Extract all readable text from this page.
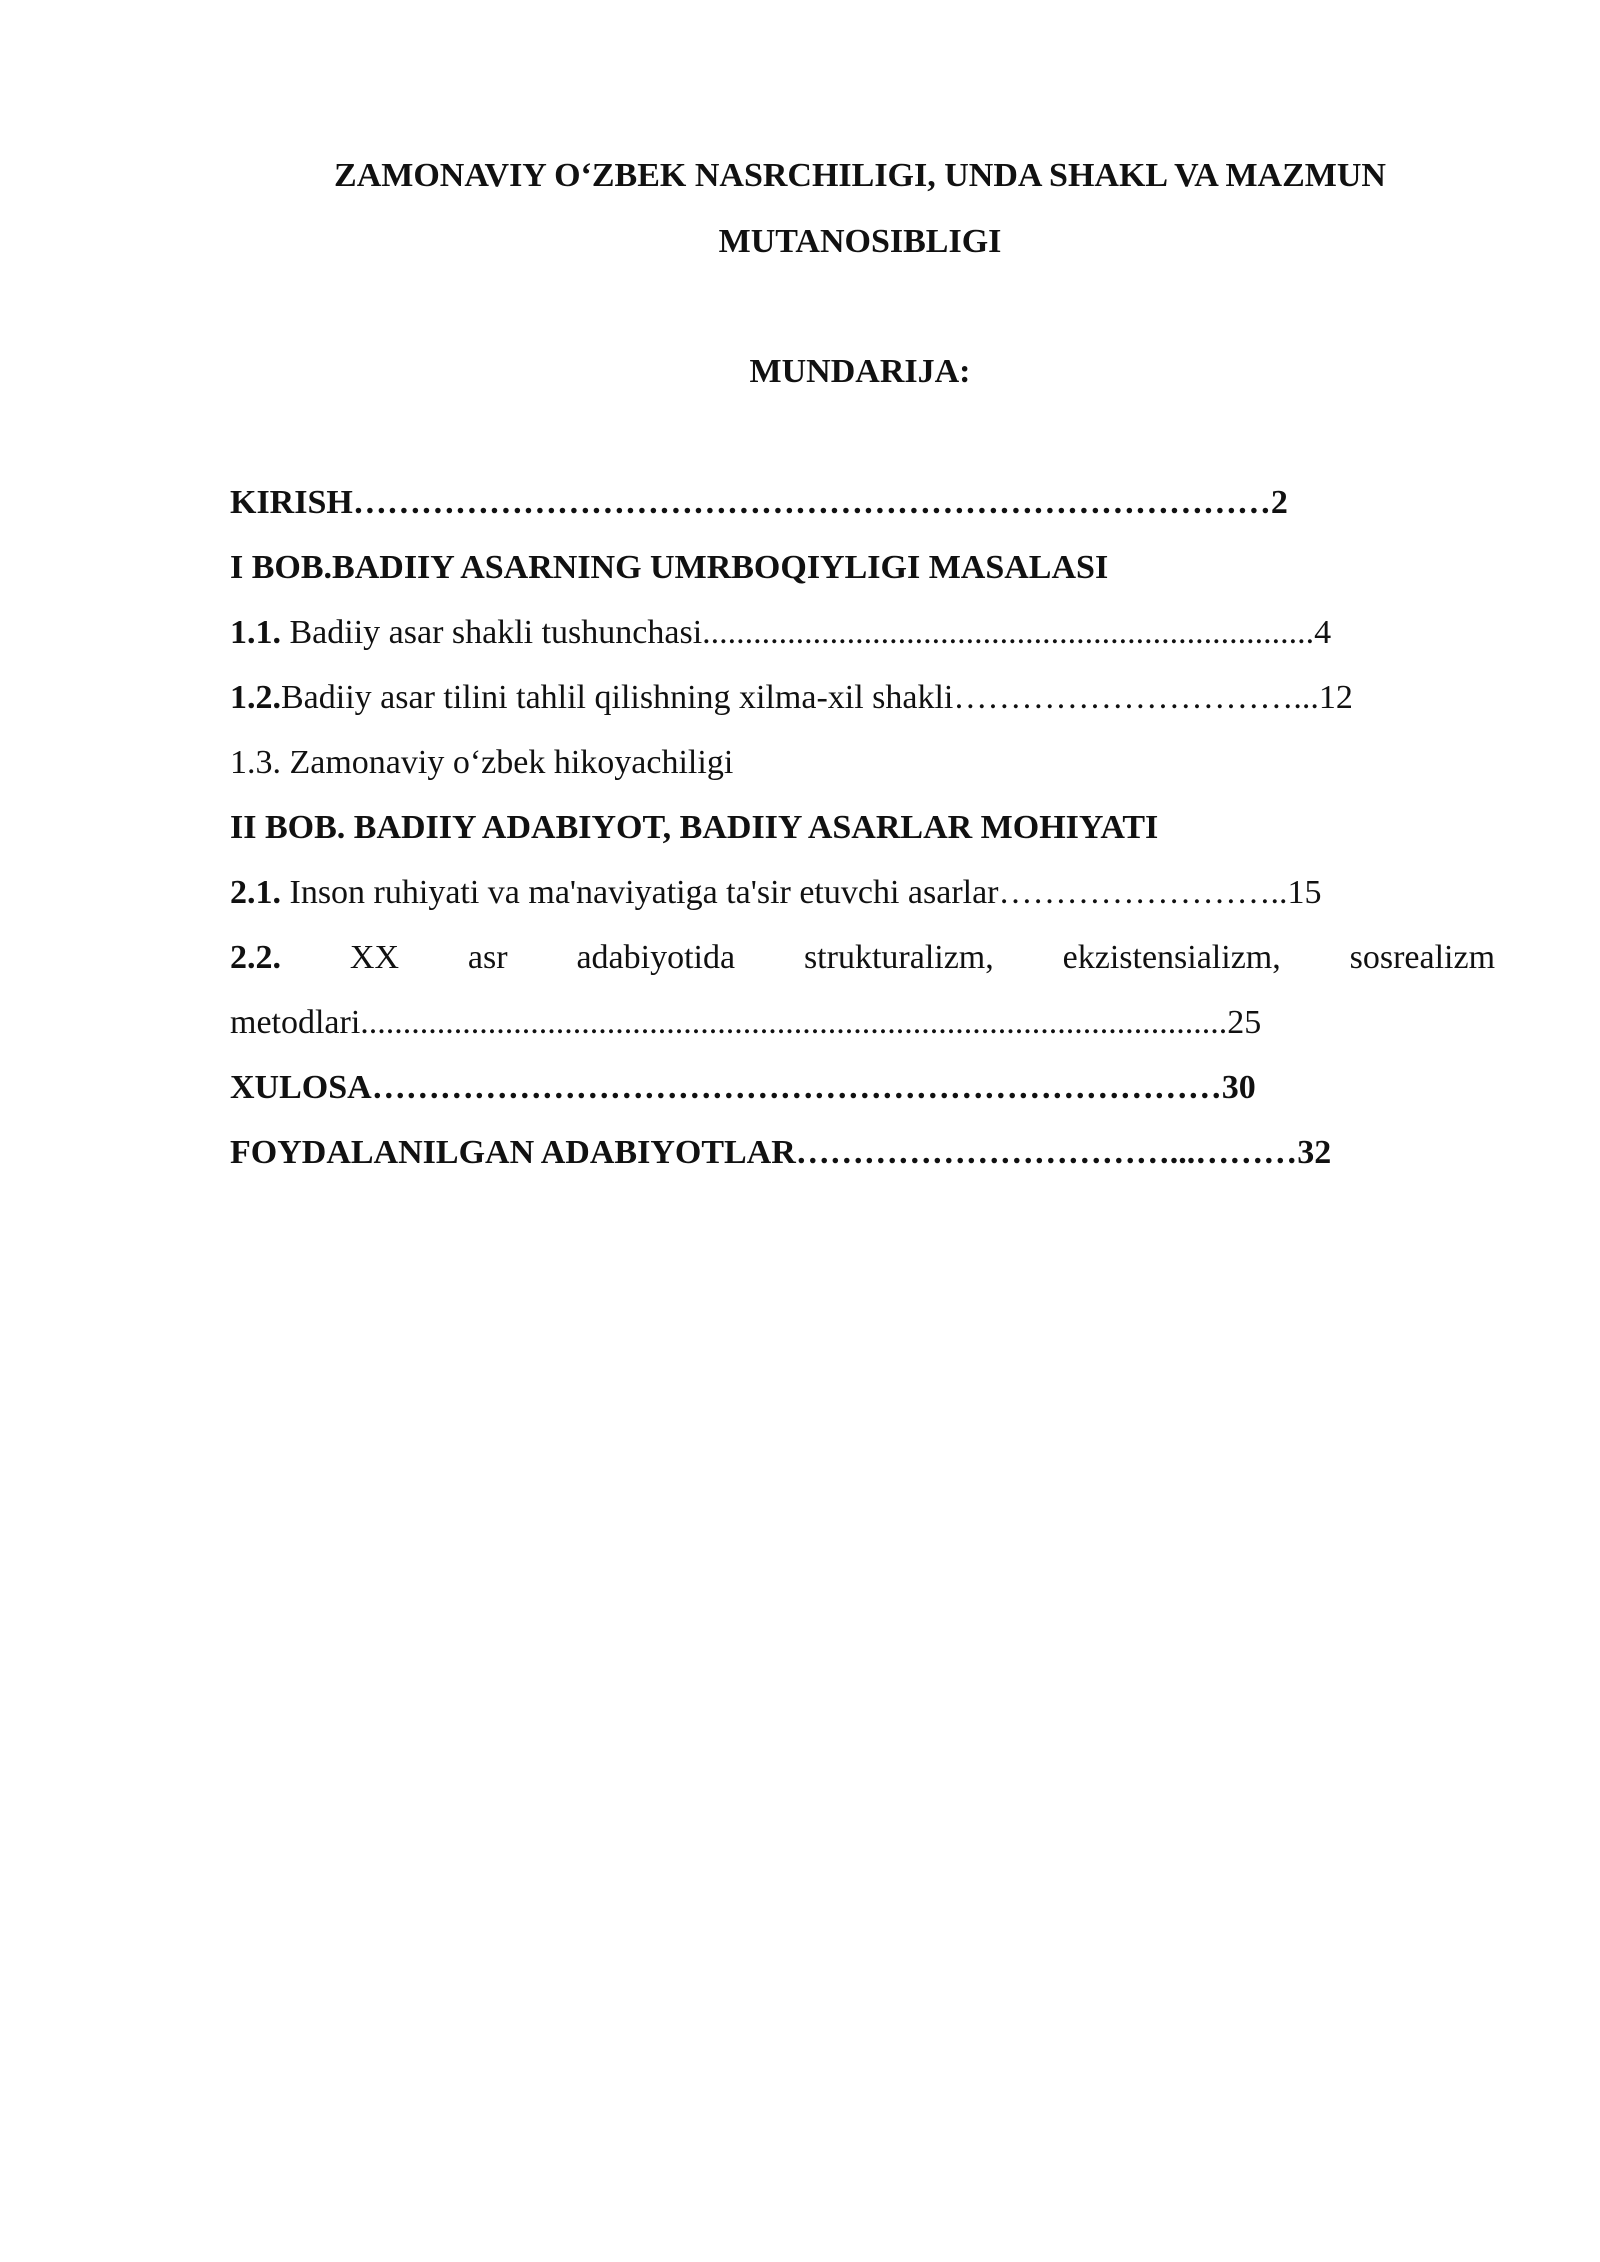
ZAMONAVIY O‘ZBEK NASRCHILIGI, UNDA SHAKL VA MAZMUN
MUTANOSIBLIGI
MUNDARIJA:
KIRISH………………………………………………………………………2
I BOB.BADIIY ASARNING UMRBOQIYLIGI MASALASI
1.1. Badiiy asar shakli tushunchasi........................................................................4
1.2.Badiiy asar tilini tahlil qilishning xilma-xil shakli…………………………...12
1.3. Zamonaviy o‘zbek hikoyachiligi
II BOB. BADIIY ADABIYOT, BADIIY ASARLAR MOHIYATI
2.1. Inson ruhiyati va ma'naviyatiga ta'sir etuvchi asarlar……………………..15
2.2. XX asr adabiyotida strukturalizm, ekzistensializm, sosrealizm
metodlari......................................................................................................25
XULOSA…………………………………………………………………30
FOYDALANILGAN ADABIYOTLAR……………………………...………32
